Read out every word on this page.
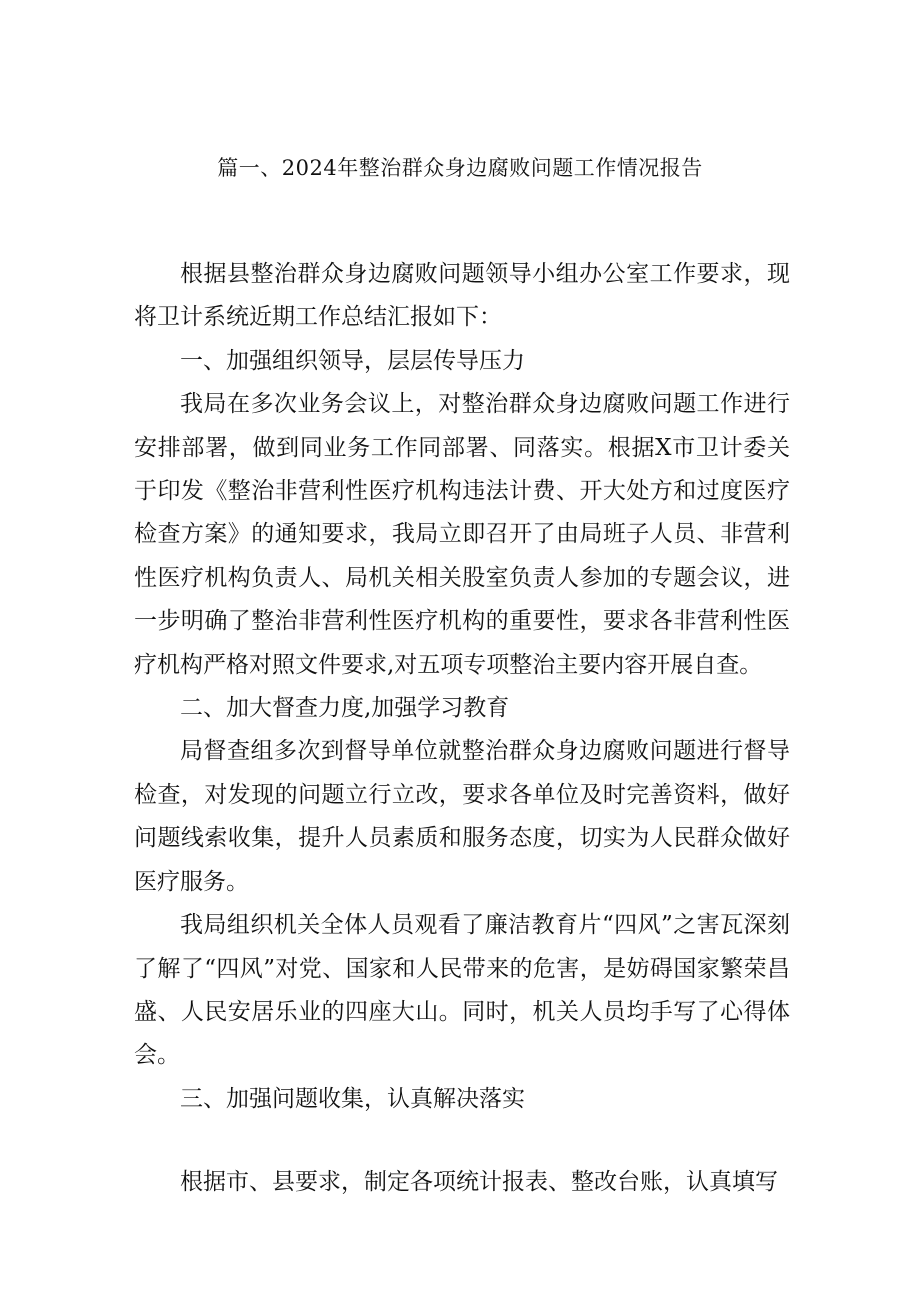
篇一、2024年整治群众身边腐败问题工作情况报告

根据县整治群众身边腐败问题领导小组办公室工作要求，现将卫计系统近期工作总结汇报如下：

一、加强组织领导，层层传导压力

我局在多次业务会议上，对整治群众身边腐败问题工作进行安排部署，做到同业务工作同部署、同落实。根据X市卫计委关于印发《整治非营利性医疗机构违法计费、开大处方和过度医疗检查方案》的通知要求，我局立即召开了由局班子人员、非营利性医疗机构负责人、局机关相关股室负责人参加的专题会议，进一步明确了整治非营利性医疗机构的重要性，要求各非营利性医疗机构严格对照文件要求,对五项专项整治主要内容开展自查。

二、加大督查力度,加强学习教育

局督查组多次到督导单位就整治群众身边腐败问题进行督导检查，对发现的问题立行立改，要求各单位及时完善资料，做好问题线索收集，提升人员素质和服务态度，切实为人民群众做好医疗服务。

我局组织机关全体人员观看了廉洁教育片“四风”之害瓦深刻了解了“四风”对党、国家和人民带来的危害，是妨碍国家繁荣昌盛、人民安居乐业的四座大山。同时，机关人员均手写了心得体会。

三、加强问题收集，认真解决落实

根据市、县要求，制定各项统计报表、整改台账，认真填写
